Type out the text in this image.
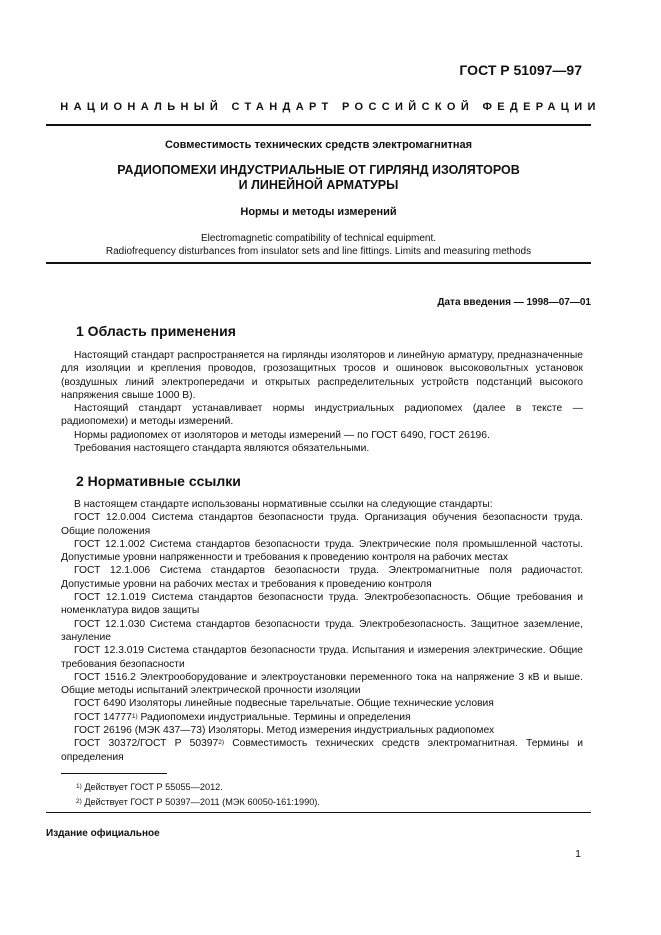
ГОСТ Р 51097—97
НАЦИОНАЛЬНЫЙ СТАНДАРТ РОССИЙСКОЙ ФЕДЕРАЦИИ
Совместимость технических средств электромагнитная
РАДИОПОМЕХИ ИНДУСТРИАЛЬНЫЕ ОТ ГИРЛЯНД ИЗОЛЯТОРОВ
И ЛИНЕЙНОЙ АРМАТУРЫ
Нормы и методы измерений
Electromagnetic compatibility of technical equipment.
Radiofrequency disturbances from insulator sets and line fittings. Limits and measuring methods
Дата введения — 1998—07—01
1 Область применения

Настоящий стандарт распространяется на гирлянды изоляторов и линейную арматуру, предназначенные для изоляции и крепления проводов, грозозащитных тросов и ошиновок высоковольтных установок (воздушных линий электропередачи и открытых распределительных устройств подстанций высокого напряжения свыше 1000 В).

Настоящий стандарт устанавливает нормы индустриальных радиопомех (далее в тексте — радиопомехи) и методы измерений.

Нормы радиопомех от изоляторов и методы измерений — по ГОСТ 6490, ГОСТ 26196.

Требования настоящего стандарта являются обязательными.

2 Нормативные ссылки

В настоящем стандарте использованы нормативные ссылки на следующие стандарты:

ГОСТ 12.0.004 Система стандартов безопасности труда. Организация обучения безопасности труда. Общие положения

ГОСТ 12.1.002 Система стандартов безопасности труда. Электрические поля промышленной частоты. Допустимые уровни напряженности и требования к проведению контроля на рабочих местах

ГОСТ 12.1.006 Система стандартов безопасности труда. Электромагнитные поля радиочастот. Допустимые уровни на рабочих местах и требования к проведению контроля

ГОСТ 12.1.019 Система стандартов безопасности труда. Электробезопасность. Общие требования и номенклатура видов защиты

ГОСТ 12.1.030 Система стандартов безопасности труда. Электробезопасность. Защитное заземление, зануление

ГОСТ 12.3.019 Система стандартов безопасности труда. Испытания и измерения электрические. Общие требования безопасности

ГОСТ 1516.2 Электрооборудование и электроустановки переменного тока на напряжение 3 кВ и выше. Общие методы испытаний электрической прочности изоляции

ГОСТ 6490 Изоляторы линейные подвесные тарельчатые. Общие технические условия

ГОСТ 14777$^{1)}$ Радиопомехи индустриальные. Термины и определения

ГОСТ 26196 (МЭК 437—73) Изоляторы. Метод измерения индустриальных радиопомех

ГОСТ 30372/ГОСТ Р 50397$^{2)}$ Совместимость технических средств электромагнитная. Термины и определения

$^{1)}$ Действует ГОСТ Р 55055—2012.
$^{2)}$ Действует ГОСТ Р 50397—2011 (МЭК 60050-161:1990).
Издание официальное
1
